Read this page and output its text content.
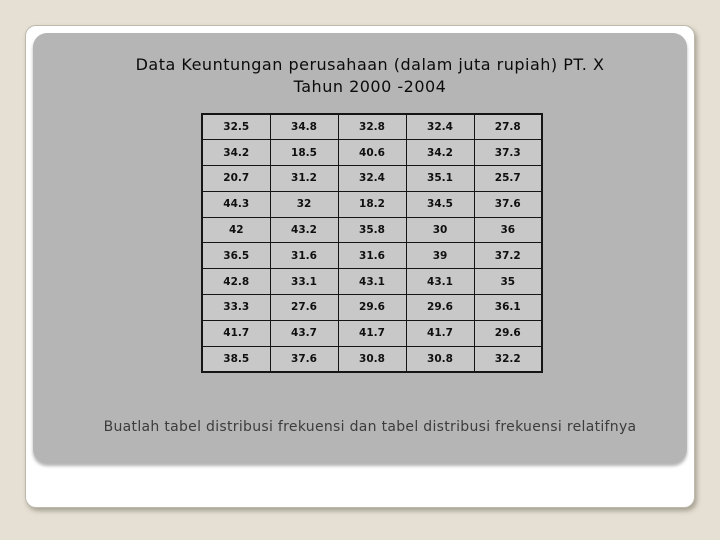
Data Keuntungan perusahaan (dalam juta rupiah) PT. X
Tahun 2000 -2004
32.5	34.8	32.8	32.4	27.8
34.2	18.5	40.6	34.2	37.3
20.7	31.2	32.4	35.1	25.7
44.3	32	18.2	34.5	37.6
42	43.2	35.8	30	36
36.5	31.6	31.6	39	37.2
42.8	33.1	43.1	43.1	35
33.3	27.6	29.6	29.6	36.1
41.7	43.7	41.7	41.7	29.6
38.5	37.6	30.8	30.8	32.2
Buatlah tabel distribusi frekuensi dan tabel distribusi frekuensi relatifnya
